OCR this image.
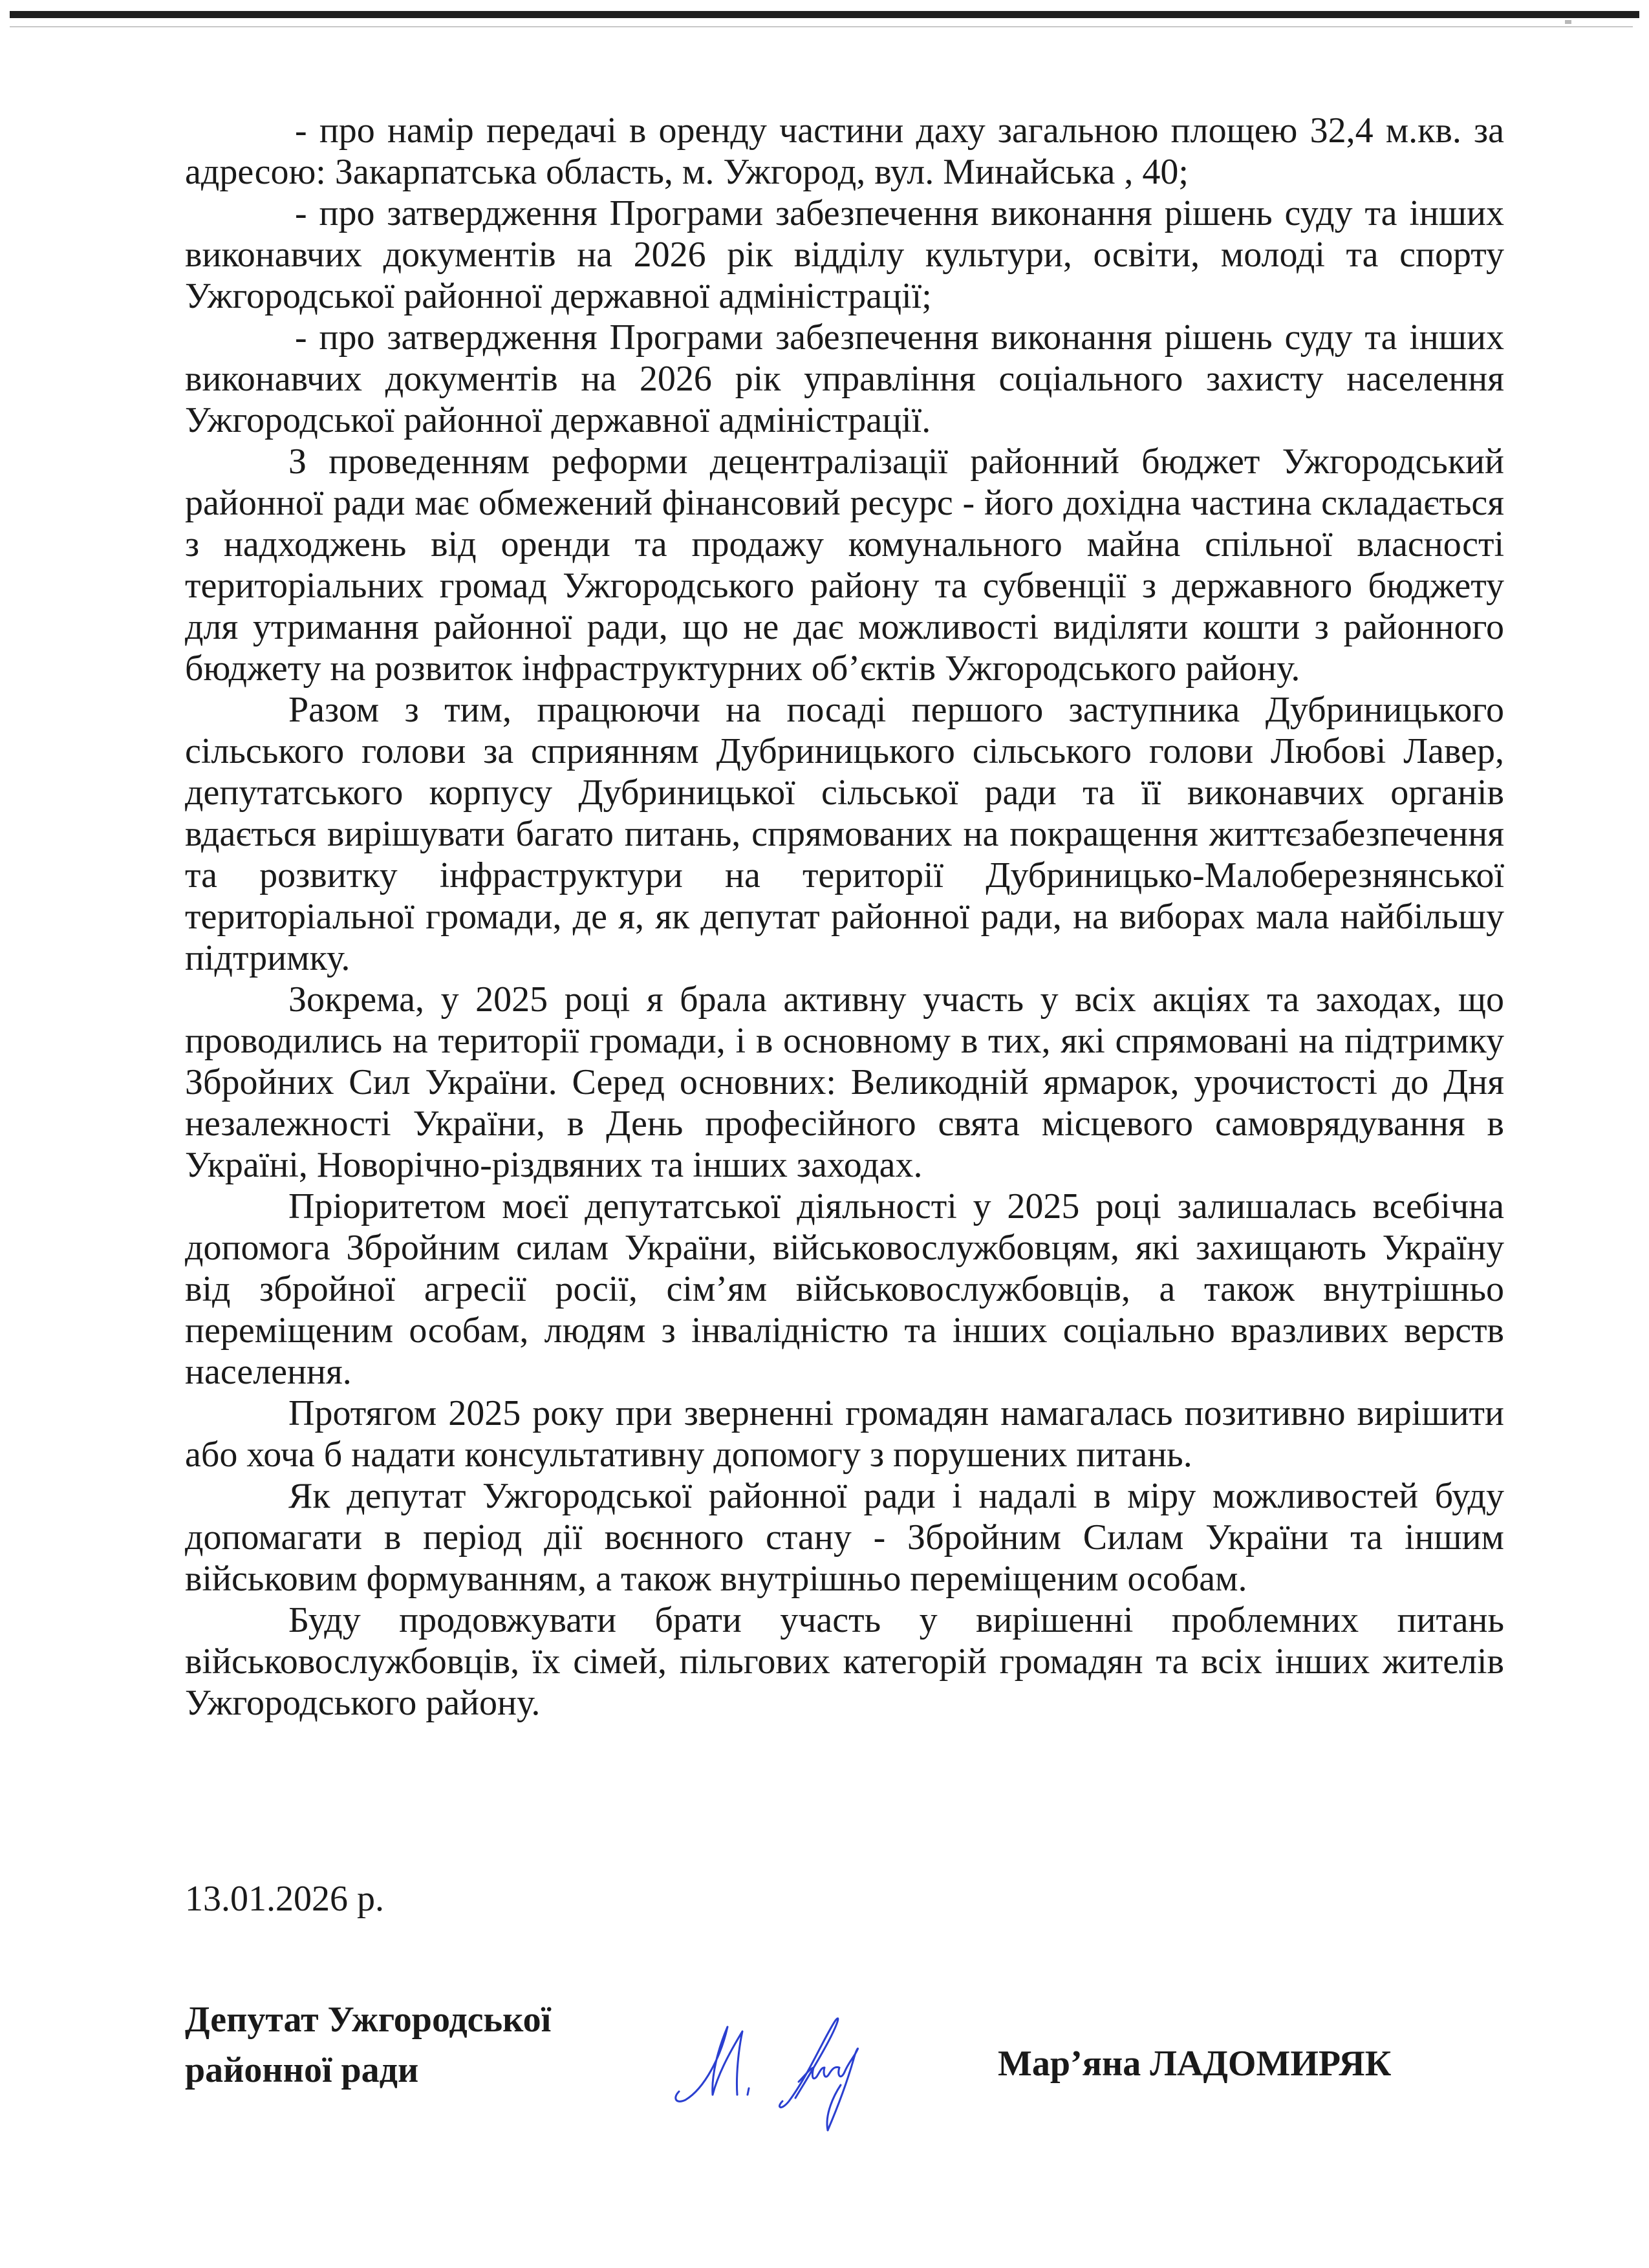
- про намір передачі в оренду частини даху загальною площею 32,4 м.кв. за адресою: Закарпатська область, м. Ужгород, вул. Минайська , 40;

- про затвердження Програми забезпечення виконання рішень суду та інших виконавчих документів на 2026 рік відділу культури, освіти, молоді та спорту Ужгородської районної державної адміністрації;

- про затвердження Програми забезпечення виконання рішень суду та інших виконавчих документів на 2026 рік управління соціального захисту населення Ужгородської районної державної адміністрації.

З проведенням реформи децентралізації районний бюджет Ужгородський районної ради має обмежений фінансовий ресурс - його дохідна частина складається з надходжень від оренди та продажу комунального майна спільної власності територіальних громад Ужгородського району та субвенції з державного бюджету для утримання районної ради, що не дає можливості виділяти кошти з районного бюджету на розвиток інфраструктурних об’єктів Ужгородського району.

Разом з тим, працюючи на посаді першого заступника Дубриницького сільського голови за сприянням Дубриницького сільського голови Любові Лавер, депутатського корпусу Дубриницької сільської ради та її виконавчих органів вдається вирішувати багато питань, спрямованих на покращення життєзабезпечення та розвитку інфраструктури на території Дубриницько-Малоберезнянської територіальної громади, де я, як депутат районної ради, на виборах мала найбільшу підтримку.

Зокрема, у 2025 році я брала активну участь у всіх акціях та заходах, що проводились на території громади, і в основному в тих, які спрямовані на підтримку Збройних Сил України. Серед основних: Великодній ярмарок, урочистості до Дня незалежності України, в День професійного свята місцевого самоврядування в Україні, Новорічно-різдвяних та інших заходах.

Пріоритетом моєї депутатської діяльності у 2025 році залишалась всебічна допомога Збройним силам України, військовослужбовцям, які захищають Україну від збройної агресії росії, сім’ям військовослужбовців, а також внутрішньо переміщеним особам, людям з інвалідністю та інших соціально вразливих верств населення.

Протягом 2025 року при зверненні громадян намагалась позитивно вирішити або хоча б надати консультативну допомогу з порушених питань.

Як депутат Ужгородської районної ради і надалі в міру можливостей буду допомагати в період дії воєнного стану - Збройним Силам України та іншим військовим формуванням, а також внутрішньо переміщеним особам.

Буду продовжувати брати участь у вирішенні проблемних питань військовослужбовців, їх сімей, пільгових категорій громадян та всіх інших жителів Ужгородського району.

13.01.2026 р.
Депутат Ужгородської
районної ради	Мар’яна ЛАДОМИРЯК
